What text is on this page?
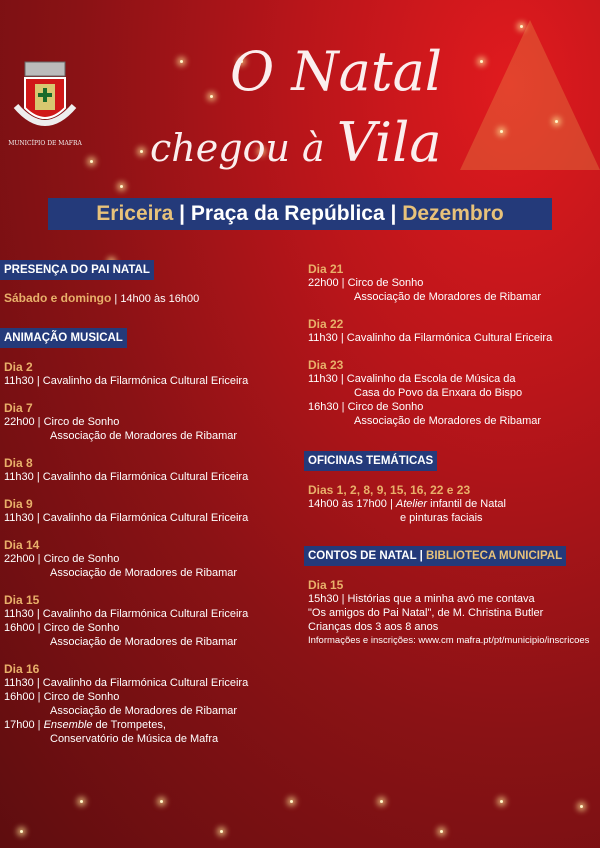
MUNICÍPIO DE MAFRA
O Natal
chegou à Vila
Ericeira | Praça da República | Dezembro
PRESENÇA DO PAI NATAL
Sábado e domingo | 14h00 às 16h00
ANIMAÇÃO MUSICAL
Dia 2
11h30 | Cavalinho da Filarmónica Cultural Ericeira
Dia 7
22h00 | Circo de Sonho
Associação de Moradores de Ribamar
Dia 8
11h30 | Cavalinho da Filarmónica Cultural Ericeira
Dia 9
11h30 | Cavalinho da Filarmónica Cultural Ericeira
Dia 14
22h00 | Circo de Sonho
Associação de Moradores de Ribamar
Dia 15
11h30 | Cavalinho da Filarmónica Cultural Ericeira
16h00 | Circo de Sonho
Associação de Moradores de Ribamar
Dia 16
11h30 | Cavalinho da Filarmónica Cultural Ericeira
16h00 | Circo de Sonho
Associação de Moradores de Ribamar
17h00 | Ensemble de Trompetes,
Conservatório de Música de Mafra
Dia 21
22h00 | Circo de Sonho
Associação de Moradores de Ribamar
Dia 22
11h30 | Cavalinho da Filarmónica Cultural Ericeira
Dia 23
11h30 | Cavalinho da Escola de Música da
Casa do Povo da Enxara do Bispo
16h30 | Circo de Sonho
Associação de Moradores de Ribamar
OFICINAS TEMÁTICAS
Dias 1, 2, 8, 9, 15, 16, 22 e 23
14h00 às 17h00 | Atelier infantil de Natal
e pinturas faciais
CONTOS DE NATAL | BIBLIOTECA MUNICIPAL
Dia 15
15h30 | Histórias que a minha avó me contava
"Os amigos do Pai Natal", de M. Christina Butler
Crianças dos 3 aos 8 anos
Informações e inscrições: www.cm mafra.pt/pt/municipio/inscricoes
